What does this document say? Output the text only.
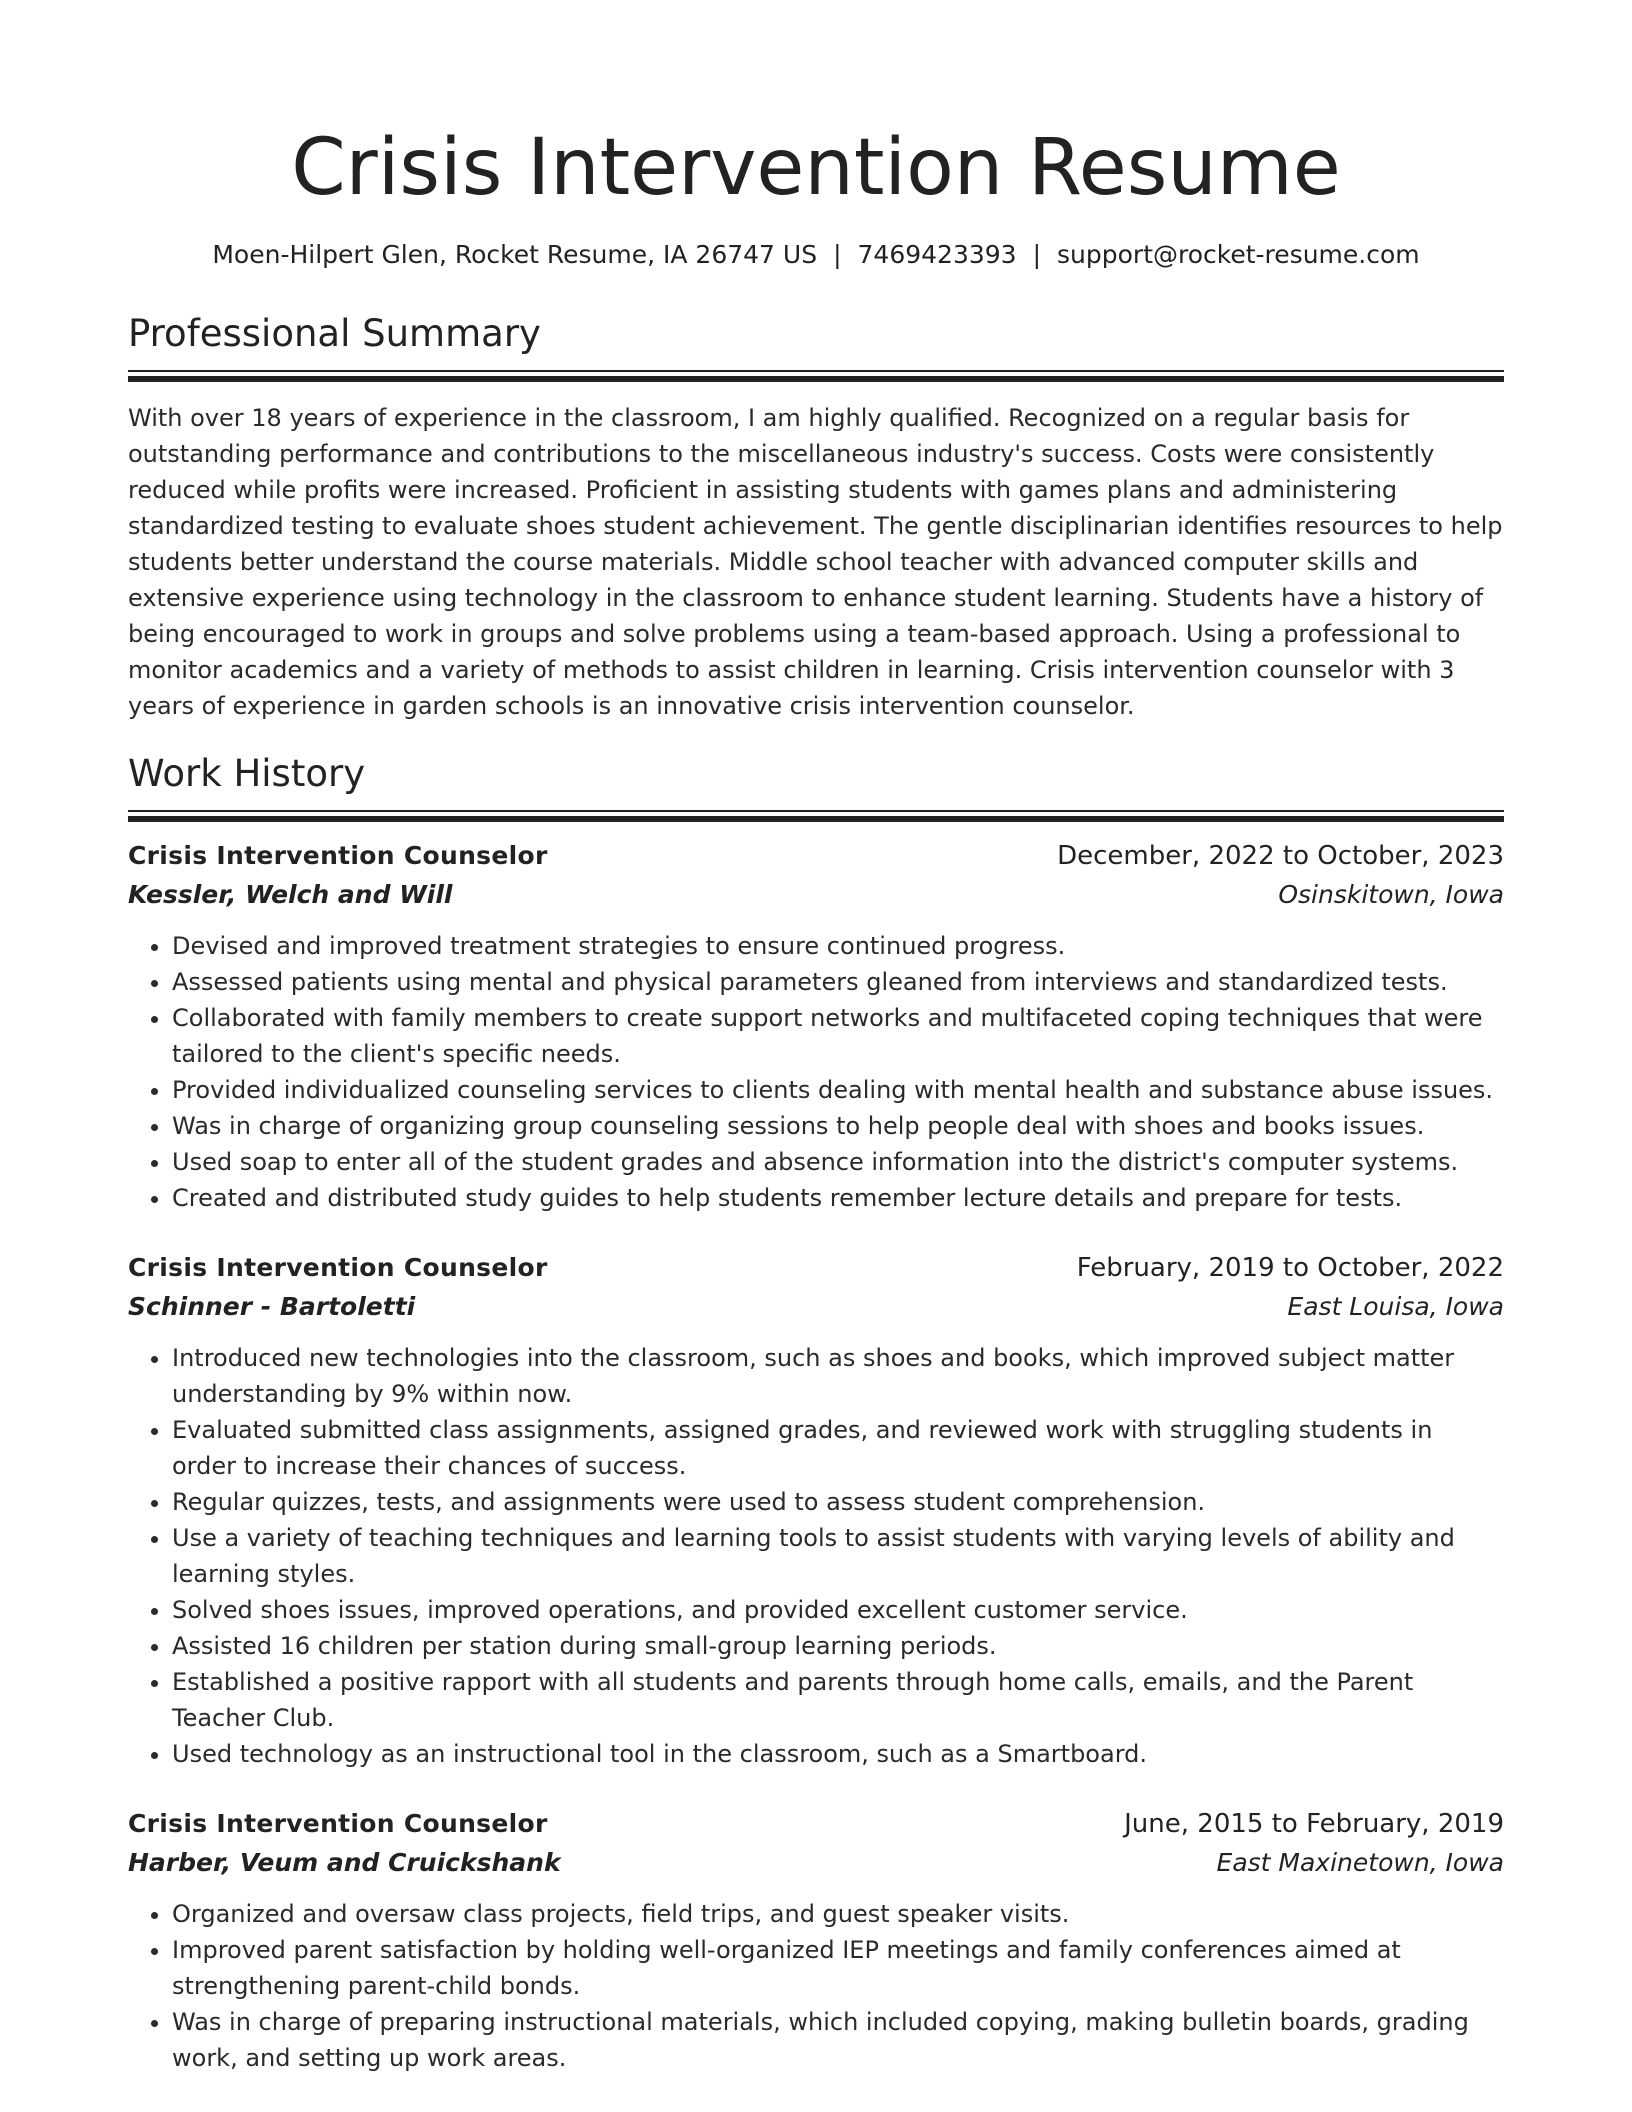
Crisis Intervention Resume
Moen-Hilpert Glen, Rocket Resume, IA 26747 US | 7469423393 | support@rocket-resume.com
Professional Summary

With over 18 years of experience in the classroom, I am highly qualified. Recognized on a regular basis for outstanding performance and contributions to the miscellaneous industry's success. Costs were consistently reduced while profits were increased. Proficient in assisting students with games plans and administering standardized testing to evaluate shoes student achievement. The gentle disciplinarian identifies resources to help students better understand the course materials. Middle school teacher with advanced computer skills and extensive experience using technology in the classroom to enhance student learning. Students have a history of being encouraged to work in groups and solve problems using a team-based approach. Using a professional to monitor academics and a variety of methods to assist children in learning. Crisis intervention counselor with 3 years of experience in garden schools is an innovative crisis intervention counselor.

Work History
Crisis Intervention Counselor	December, 2022 to October, 2023
Kessler, Welch and Will	Osinskitown, Iowa
• Devised and improved treatment strategies to ensure continued progress.
• Assessed patients using mental and physical parameters gleaned from interviews and standardized tests.
• Collaborated with family members to create support networks and multifaceted coping techniques that were tailored to the client's specific needs.
• Provided individualized counseling services to clients dealing with mental health and substance abuse issues.
• Was in charge of organizing group counseling sessions to help people deal with shoes and books issues.
• Used soap to enter all of the student grades and absence information into the district's computer systems.
• Created and distributed study guides to help students remember lecture details and prepare for tests.
Crisis Intervention Counselor	February, 2019 to October, 2022
Schinner - Bartoletti	East Louisa, Iowa
• Introduced new technologies into the classroom, such as shoes and books, which improved subject matter understanding by 9% within now.
• Evaluated submitted class assignments, assigned grades, and reviewed work with struggling students in order to increase their chances of success.
• Regular quizzes, tests, and assignments were used to assess student comprehension.
• Use a variety of teaching techniques and learning tools to assist students with varying levels of ability and learning styles.
• Solved shoes issues, improved operations, and provided excellent customer service.
• Assisted 16 children per station during small-group learning periods.
• Established a positive rapport with all students and parents through home calls, emails, and the Parent Teacher Club.
• Used technology as an instructional tool in the classroom, such as a Smartboard.
Crisis Intervention Counselor	June, 2015 to February, 2019
Harber, Veum and Cruickshank	East Maxinetown, Iowa
• Organized and oversaw class projects, field trips, and guest speaker visits.
• Improved parent satisfaction by holding well-organized IEP meetings and family conferences aimed at strengthening parent-child bonds.
• Was in charge of preparing instructional materials, which included copying, making bulletin boards, grading work, and setting up work areas.
